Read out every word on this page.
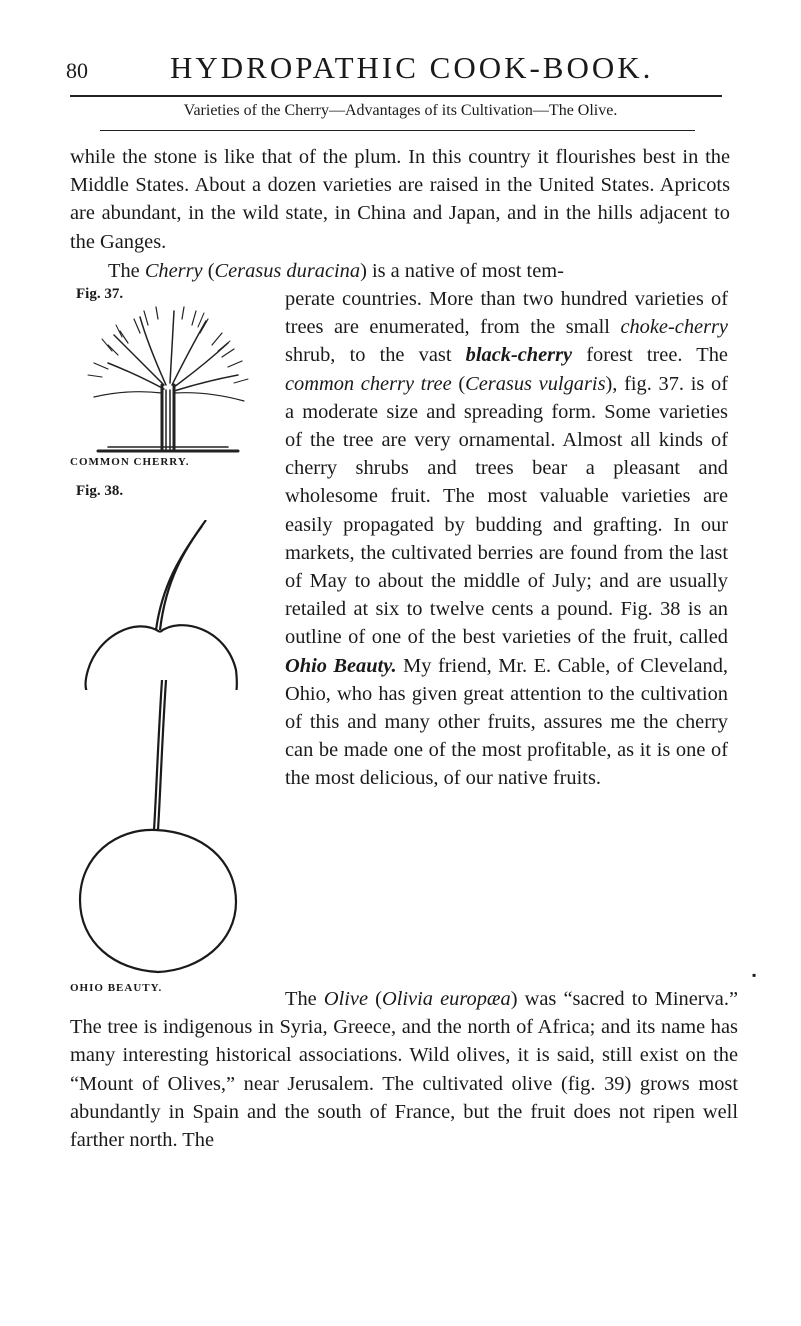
80	HYDROPATHIC COOK-BOOK.
Varieties of the Cherry—Advantages of its Cultivation—The Olive.

while the stone is like that of the plum. In this country it flourishes best in the Middle States. About a dozen varieties are raised in the United States. Apricots are abundant, in the wild state, in China and Japan, and in the hills adjacent to the Ganges.

The Cherry (Cerasus duracina) is a native of most tem-
Fig. 37.
COMMON CHERRY.
Fig. 38.
OHIO BEAUTY.
perate countries. More than two hundred varieties of trees are enumerated, from the small choke-cherry shrub, to the vast black-cherry forest tree. The common cherry tree (Cerasus vulgaris), fig. 37. is of a moderate size and spreading form. Some varieties of the tree are very ornamental. Almost all kinds of cherry shrubs and trees bear a pleasant and wholesome fruit. The most valuable varieties are easily propagated by budding and grafting. In our markets, the cultivated berries are found from the last of May to about the middle of July; and are usually retailed at six to twelve cents a pound. Fig. 38 is an outline of one of the best varieties of the fruit, called Ohio Beauty. My friend, Mr. E. Cable, of Cleveland, Ohio, who has given great attention to the cultivation of this and many other fruits, assures me the cherry can be made one of the most profitable, as it is one of the most delicious, of our native fruits.
▪

The Olive (Olivia europæa) was “sacred to Minerva.” The tree is indigenous in Syria, Greece, and the north of Africa; and its name has many interesting historical associations. Wild olives, it is said, still exist on the “Mount of Olives,” near Jerusalem. The cultivated olive (fig. 39) grows most abundantly in Spain and the south of France, but the fruit does not ripen well farther north. The
